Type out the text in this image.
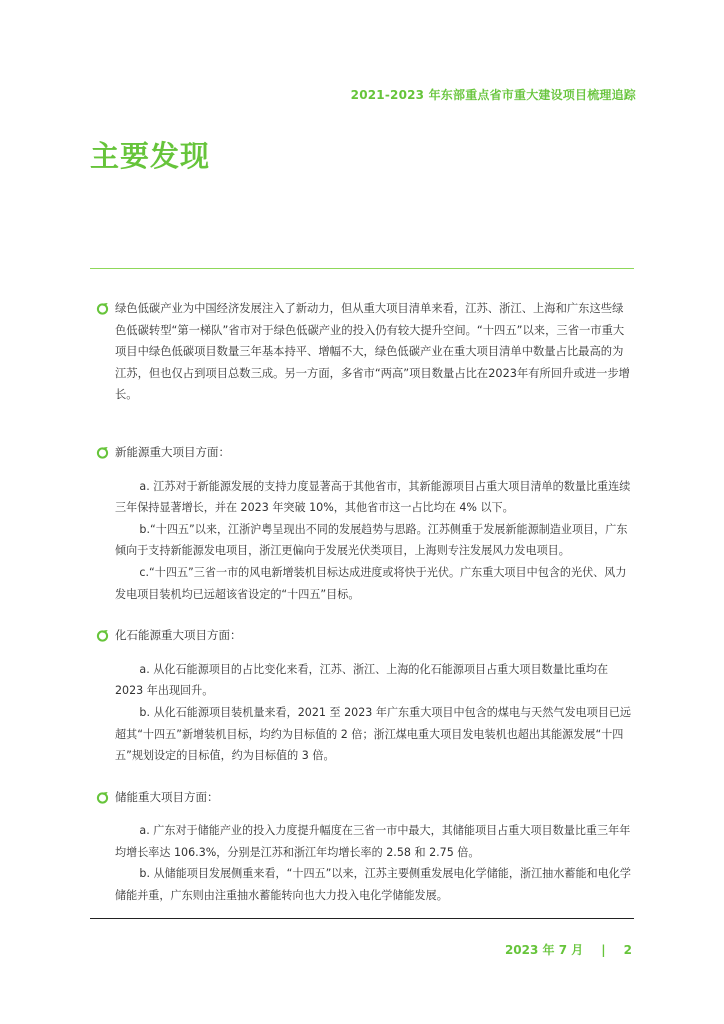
2021-2023 年东部重点省市重大建设项目梳理追踪
主要发现
绿色低碳产业为中国经济发展注入了新动力，但从重大项目清单来看，江苏、浙江、上海和广东这些绿色低碳转型“第一梯队”省市对于绿色低碳产业的投入仍有较大提升空间。“十四五”以来，三省一市重大项目中绿色低碳项目数量三年基本持平、增幅不大，绿色低碳产业在重大项目清单中数量占比最高的为江苏，但也仅占到项目总数三成。另一方面，多省市“两高”项目数量占比在2023年有所回升或进一步增长。
新能源重大项目方面：
a. 江苏对于新能源发展的支持力度显著高于其他省市，其新能源项目占重大项目清单的数量比重连续三年保持显著增长，并在 2023 年突破 10%，其他省市这一占比均在 4% 以下。
b.“十四五”以来，江浙沪粤呈现出不同的发展趋势与思路。江苏侧重于发展新能源制造业项目，广东倾向于支持新能源发电项目，浙江更偏向于发展光伏类项目，上海则专注发展风力发电项目。
c.“十四五”三省一市的风电新增装机目标达成进度或将快于光伏。广东重大项目中包含的光伏、风力发电项目装机均已远超该省设定的“十四五”目标。
化石能源重大项目方面：
a. 从化石能源项目的占比变化来看，江苏、浙江、上海的化石能源项目占重大项目数量比重均在 2023 年出现回升。
b. 从化石能源项目装机量来看，2021 至 2023 年广东重大项目中包含的煤电与天然气发电项目已远超其“十四五”新增装机目标，均约为目标值的 2 倍；浙江煤电重大项目发电装机也超出其能源发展“十四五”规划设定的目标值，约为目标值的 3 倍。
储能重大项目方面：
a. 广东对于储能产业的投入力度提升幅度在三省一市中最大，其储能项目占重大项目数量比重三年年均增长率达 106.3%，分别是江苏和浙江年均增长率的 2.58 和 2.75 倍。
b. 从储能项目发展侧重来看，“十四五”以来，江苏主要侧重发展电化学储能，浙江抽水蓄能和电化学储能并重，广东则由注重抽水蓄能转向也大力投入电化学储能发展。
2023 年 7 月 | 2
